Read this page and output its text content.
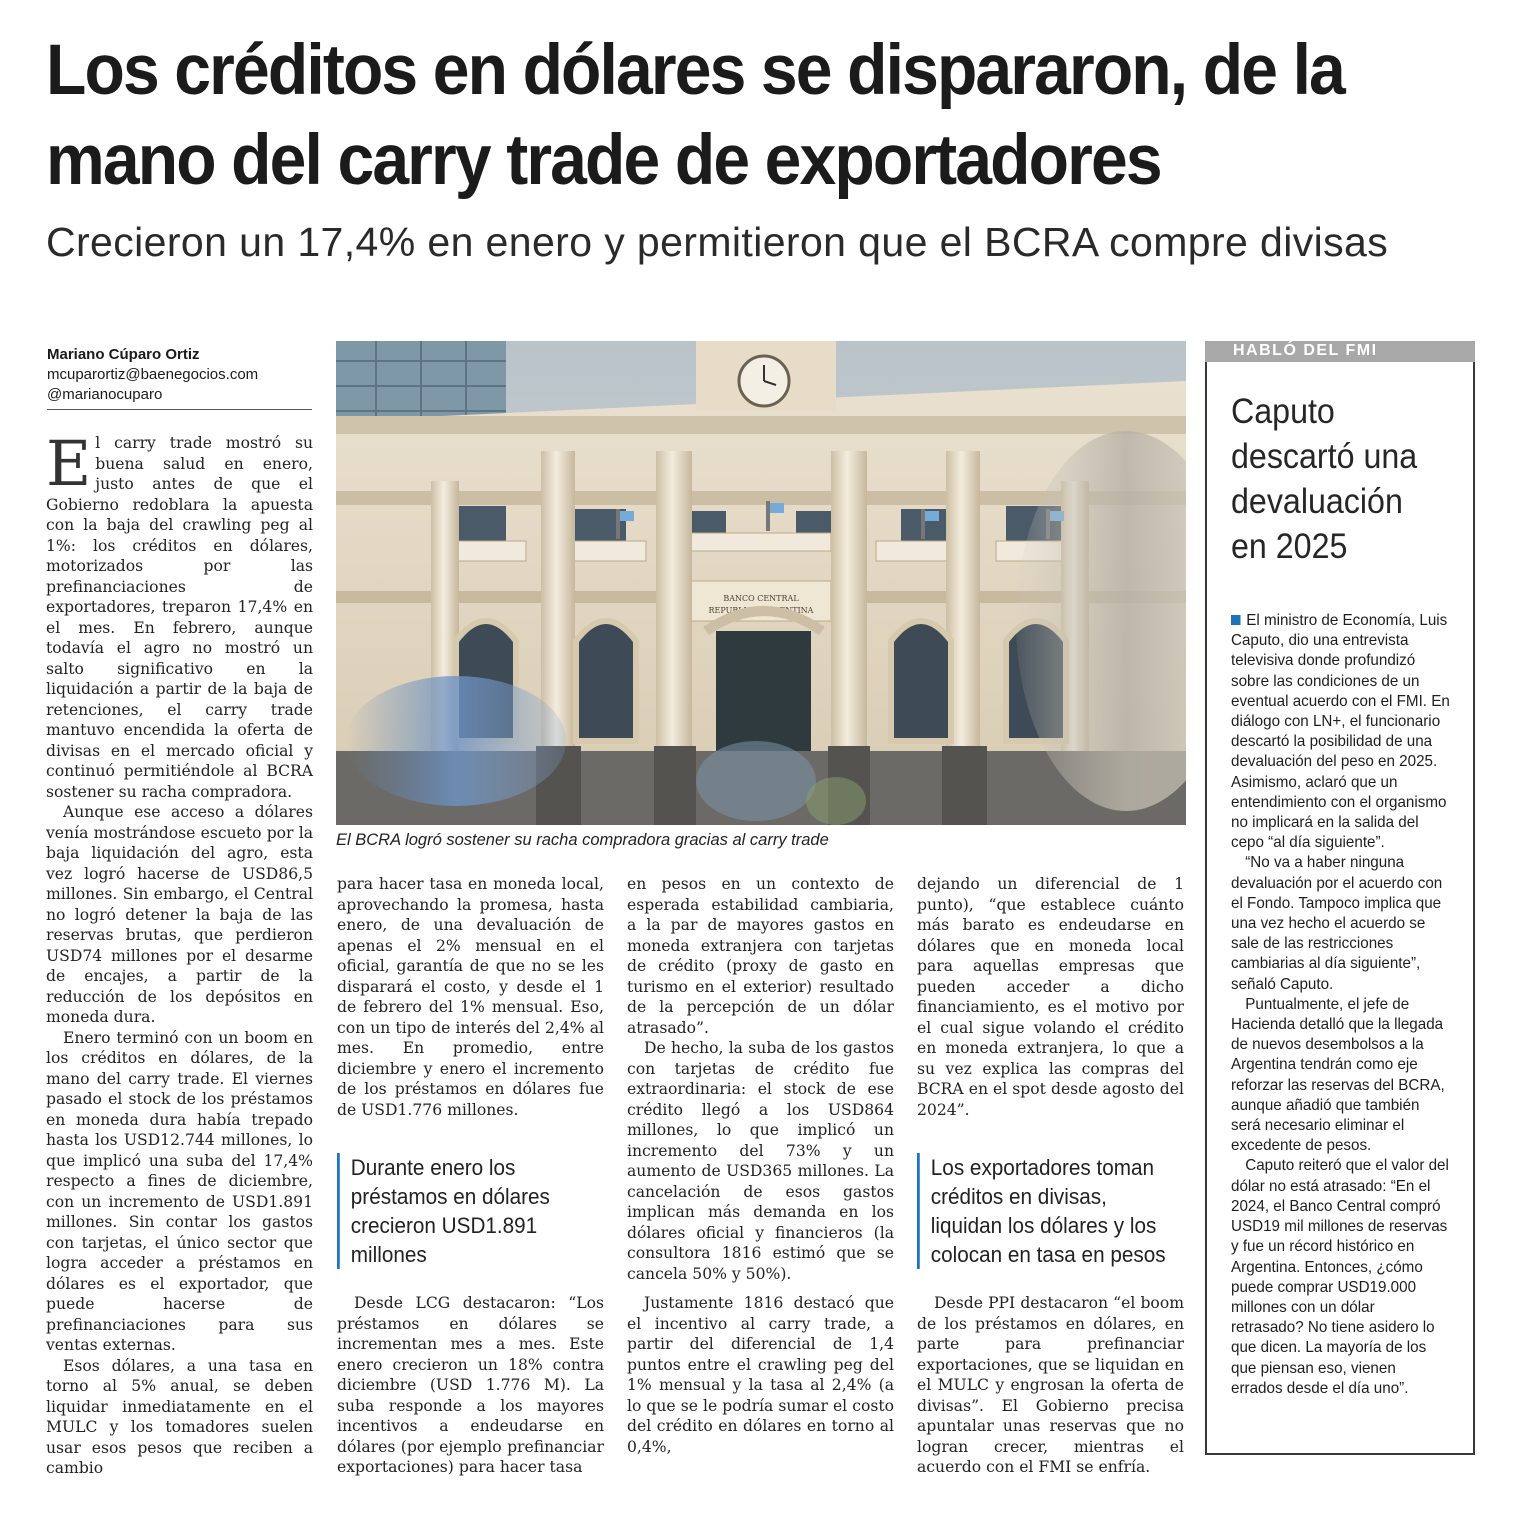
Los créditos en dólares se dispararon, de la mano del carry trade de exportadores
Crecieron un 17,4% en enero y permitieron que el BCRA compre divisas
Mariano Cúparo Ortiz
mcuparortiz@baenegocios.com
@marianocuparo
BANCO CENTRAL
REPUBLICA ARGENTINA
El BCRA logró sostener su racha compradora gracias al carry trade

El carry trade mostró su buena salud en enero, justo antes de que el Gobierno redoblara la apuesta con la baja del crawling peg al 1%: los créditos en dólares, motorizados por las prefinanciaciones de exportadores, treparon 17,4% en el mes. En febrero, aunque todavía el agro no mostró un salto significativo en la liquidación a partir de la baja de retenciones, el carry trade mantuvo encendida la oferta de divisas en el mercado oficial y continuó permitiéndole al BCRA sostener su racha compradora.

Aunque ese acceso a dólares venía mostrándose escueto por la baja liquidación del agro, esta vez logró hacerse de USD86,5 millones. Sin embargo, el Central no logró detener la baja de las reservas brutas, que perdieron USD74 millones por el desarme de encajes, a partir de la reducción de los depósitos en moneda dura.

Enero terminó con un boom en los créditos en dólares, de la mano del carry trade. El viernes pasado el stock de los préstamos en moneda dura había trepado hasta los USD12.744 millones, lo que implicó una suba del 17,4% respecto a fines de diciembre, con un incremento de USD1.891 millones. Sin contar los gastos con tarjetas, el único sector que logra acceder a préstamos en dólares es el exportador, que puede hacerse de prefinanciaciones para sus ventas externas.

Esos dólares, a una tasa en torno al 5% anual, se deben liquidar inmediatamente en el MULC y los tomadores suelen usar esos pesos que reciben a cambio

para hacer tasa en moneda local, aprovechando la promesa, hasta enero, de una devaluación de apenas el 2% mensual en el oficial, garantía de que no se les disparará el costo, y desde el 1 de febrero del 1% mensual. Eso, con un tipo de interés del 2,4% al mes. En promedio, entre diciembre y enero el incremento de los préstamos en dólares fue de USD1.776 millones.

Durante enero los préstamos en dólares crecieron USD1.891 millones

Desde LCG destacaron: “Los préstamos en dólares se incrementan mes a mes. Este enero crecieron un 18% contra diciembre (USD 1.776 M). La suba responde a los mayores incentivos a endeudarse en dólares (por ejemplo prefinanciar exportaciones) para hacer tasa

en pesos en un contexto de esperada estabilidad cambiaria, a la par de mayores gastos en moneda extranjera con tarjetas de crédito (proxy de gasto en turismo en el exterior) resultado de la percepción de un dólar atrasado”.

De hecho, la suba de los gastos con tarjetas de crédito fue extraordinaria: el stock de ese crédito llegó a los USD864 millones, lo que implicó un incremento del 73% y un aumento de USD365 millones. La cancelación de esos gastos implican más demanda en los dólares oficial y financieros (la consultora 1816 estimó que se cancela 50% y 50%).

Justamente 1816 destacó que el incentivo al carry trade, a partir del diferencial de 1,4 puntos entre el crawling peg del 1% mensual y la tasa al 2,4% (a lo que se le podría sumar el costo del crédito en dólares en torno al 0,4%,

dejando un diferencial de 1 punto), “que establece cuánto más barato es endeudarse en dólares que en moneda local para aquellas empresas que pueden acceder a dicho financiamiento, es el motivo por el cual sigue volando el crédito en moneda extranjera, lo que a su vez explica las compras del BCRA en el spot desde agosto del 2024”.

Los exportadores toman créditos en divisas, liquidan los dólares y los colocan en tasa en pesos

Desde PPI destacaron “el boom de los préstamos en dólares, en parte para prefinanciar exportaciones, que se liquidan en el MULC y engrosan la oferta de divisas”. El Gobierno precisa apuntalar unas reservas que no logran crecer, mientras el acuerdo con el FMI se enfría.

HABLÓ DEL FMI
Caputo descartó una devaluación en 2025

El ministro de Economía, Luis Caputo, dio una entrevista televisiva donde profundizó sobre las condiciones de un eventual acuerdo con el FMI. En diálogo con LN+, el funcionario descartó la posibilidad de una devaluación del peso en 2025. Asimismo, aclaró que un entendimiento con el organismo no implicará en la salida del cepo “al día siguiente”.

“No va a haber ninguna devaluación por el acuerdo con el Fondo. Tampoco implica que una vez hecho el acuerdo se sale de las restricciones cambiarias al día siguiente”, señaló Caputo.

Puntualmente, el jefe de Hacienda detalló que la llegada de nuevos desembolsos a la Argentina tendrán como eje reforzar las reservas del BCRA, aunque añadió que también será necesario eliminar el excedente de pesos.

Caputo reiteró que el valor del dólar no está atrasado: “En el 2024, el Banco Central compró USD19 mil millones de reservas y fue un récord histórico en Argentina. Entonces, ¿cómo puede comprar USD19.000 millones con un dólar retrasado? No tiene asidero lo que dicen. La mayoría de los que piensan eso, vienen errados desde el día uno”.
